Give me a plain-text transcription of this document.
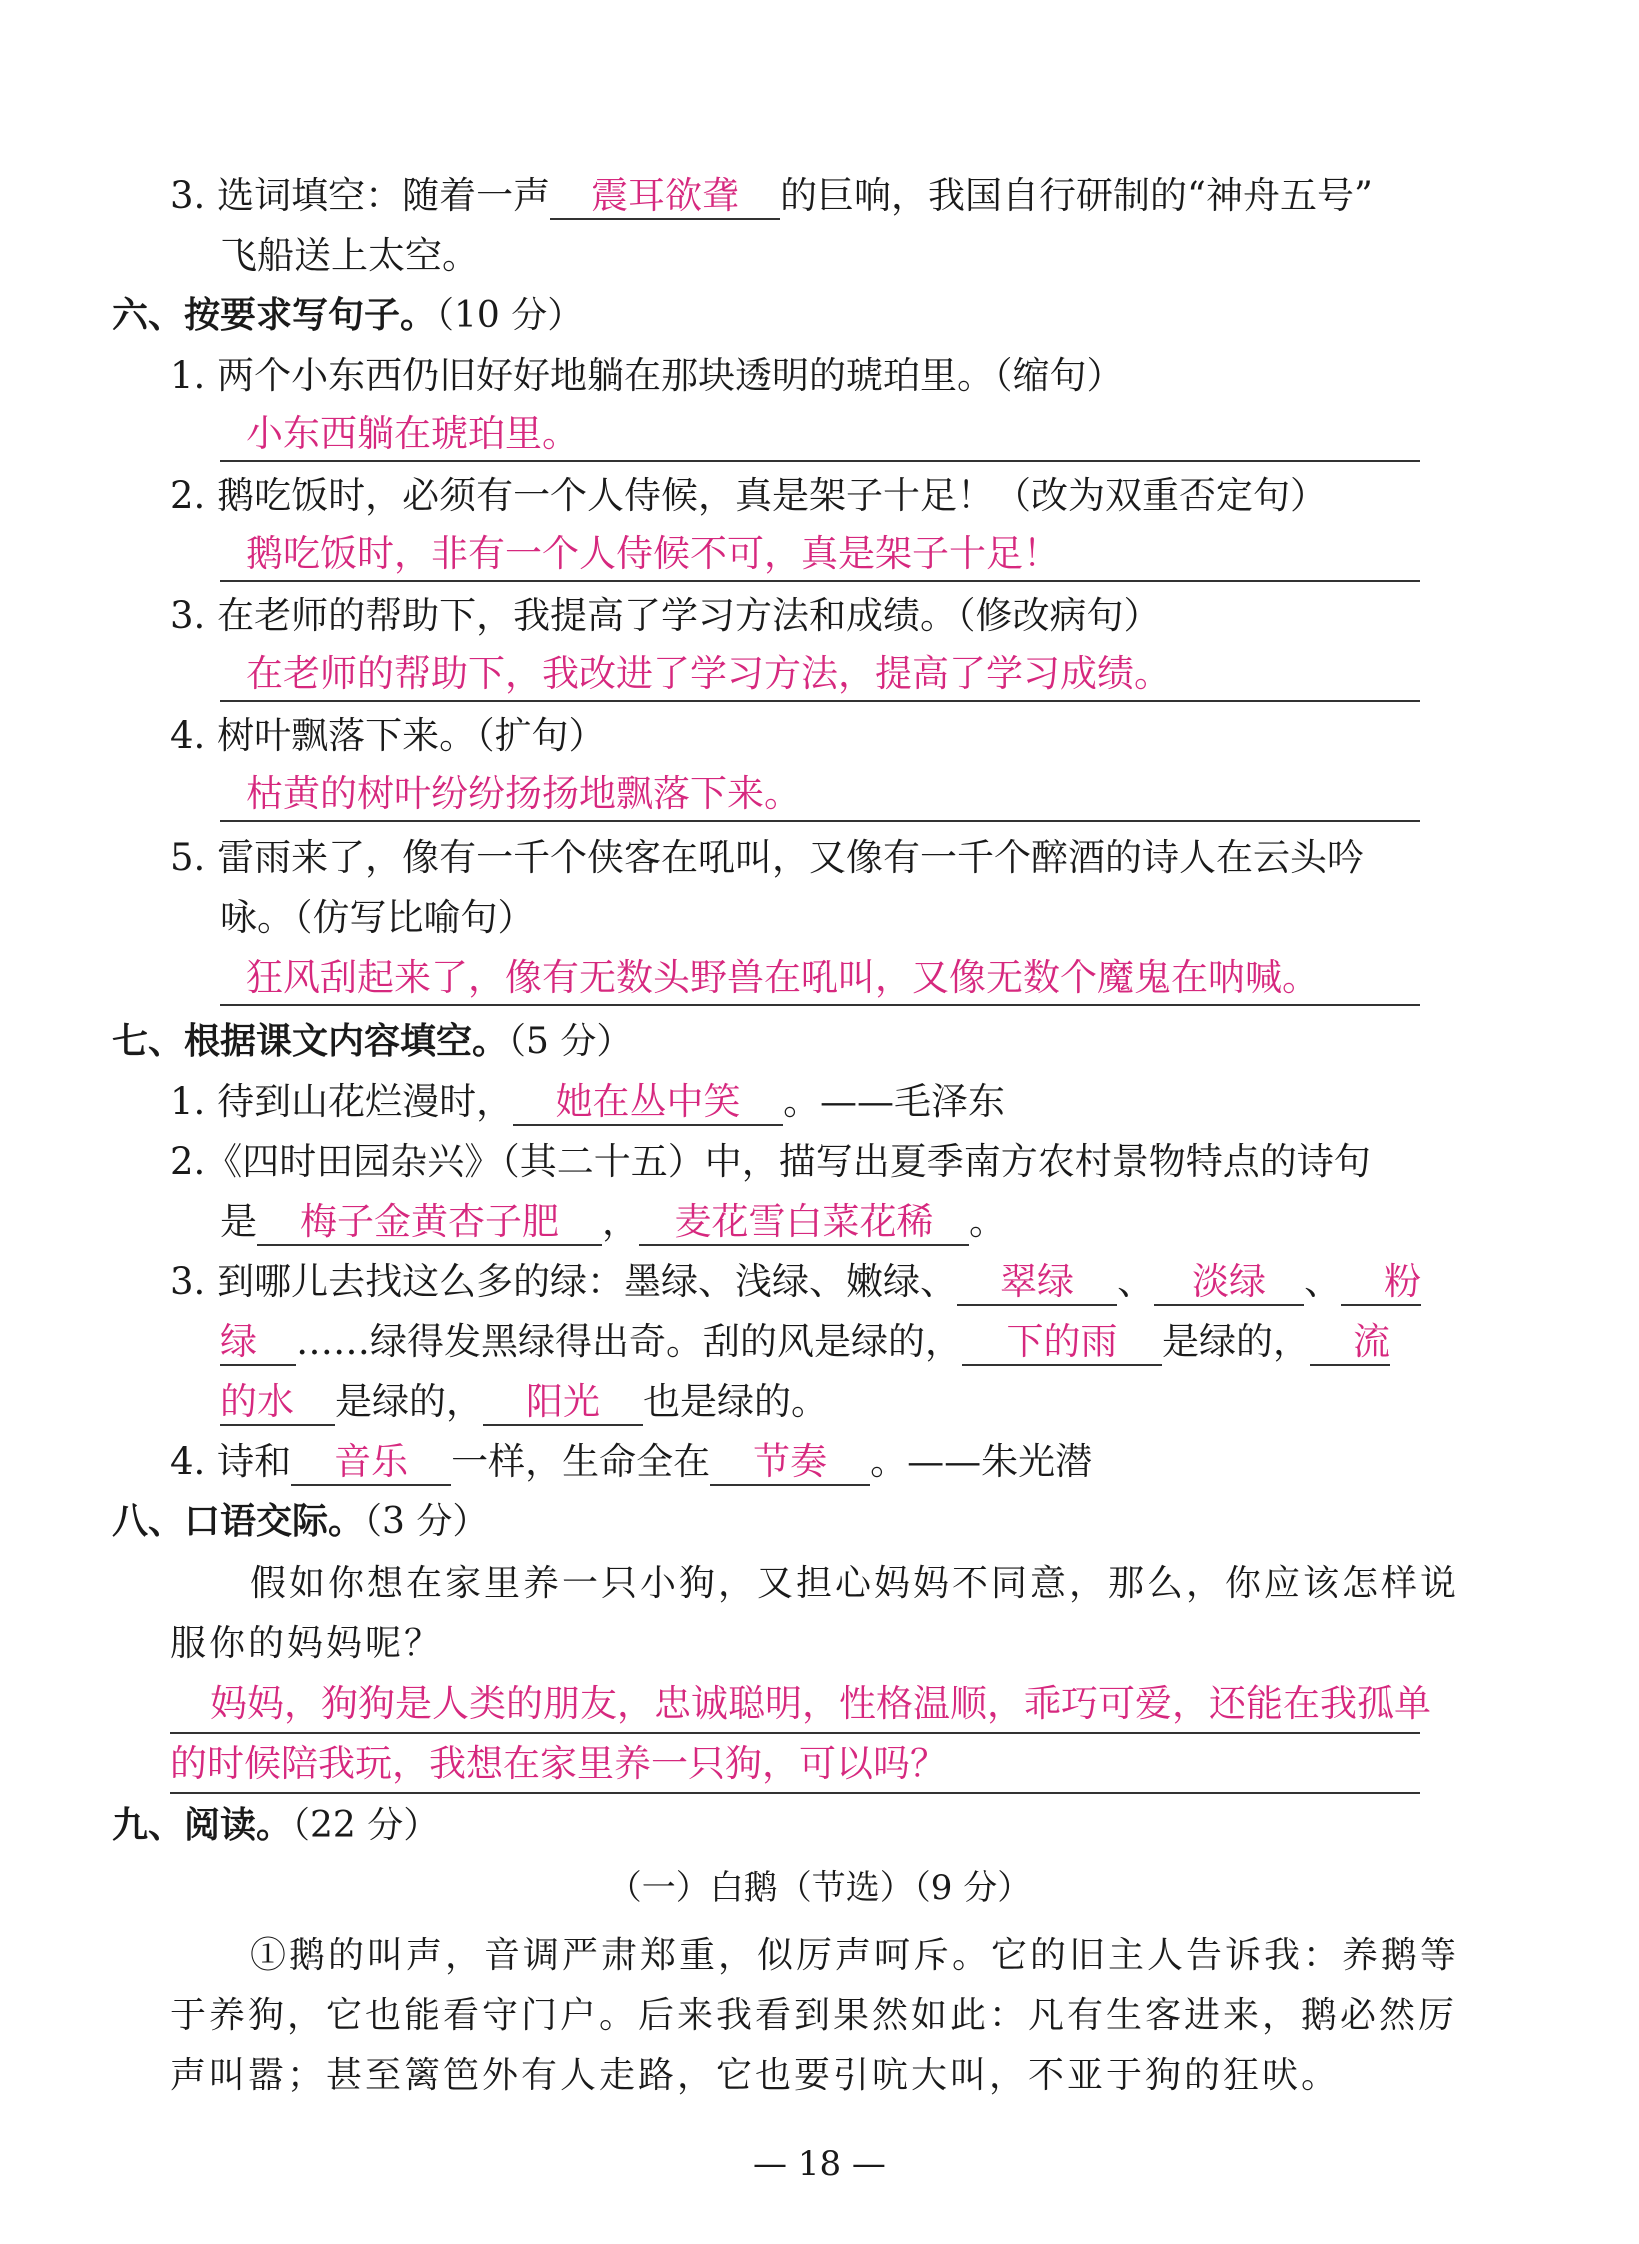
3. 选词填空：随着一声 震耳欲聋 的巨响，我国自行研制的“神舟五号”
飞船送上太空。
六、按要求写句子。（10 分）
1. 两个小东西仍旧好好地躺在那块透明的琥珀里。（缩句）
小东西躺在琥珀里。
2. 鹅吃饭时，必须有一个人侍候，真是架子十足！（改为双重否定句）
鹅吃饭时，非有一个人侍候不可，真是架子十足！
3. 在老师的帮助下，我提高了学习方法和成绩。（修改病句）
在老师的帮助下，我改进了学习方法，提高了学习成绩。
4. 树叶飘落下来。（扩句）
枯黄的树叶纷纷扬扬地飘落下来。
5. 雷雨来了，像有一千个侠客在吼叫，又像有一千个醉酒的诗人在云头吟
咏。（仿写比喻句）
狂风刮起来了，像有无数头野兽在吼叫，又像无数个魔鬼在呐喊。
七、根据课文内容填空。（5 分）
1. 待到山花烂漫时， 她在丛中笑 。——毛泽东
2.《四时田园杂兴》（其二十五）中，描写出夏季南方农村景物特点的诗句
是 梅子金黄杏子肥 ， 麦花雪白菜花稀 。
3. 到哪儿去找这么多的绿：墨绿、浅绿、嫩绿、 翠绿 、 淡绿 、 粉
绿 ……绿得发黑绿得出奇。刮的风是绿的， 下的雨 是绿的， 流
的水 是绿的， 阳光 也是绿的。
4. 诗和 音乐 一样，生命全在 节奏 。——朱光潜
八、口语交际。（3 分）
假如你想在家里养一只小狗，又担心妈妈不同意，那么，你应该怎样说
服你的妈妈呢？
妈妈，狗狗是人类的朋友，忠诚聪明，性格温顺，乖巧可爱，还能在我孤单
的时候陪我玩，我想在家里养一只狗，可以吗？
九、阅读。（22 分）
（一）白鹅（节选）（9 分）
①鹅的叫声，音调严肃郑重，似厉声呵斥。它的旧主人告诉我：养鹅等
于养狗，它也能看守门户。后来我看到果然如此：凡有生客进来，鹅必然厉
声叫嚣；甚至篱笆外有人走路，它也要引吭大叫，不亚于狗的狂吠。
— 18 —
